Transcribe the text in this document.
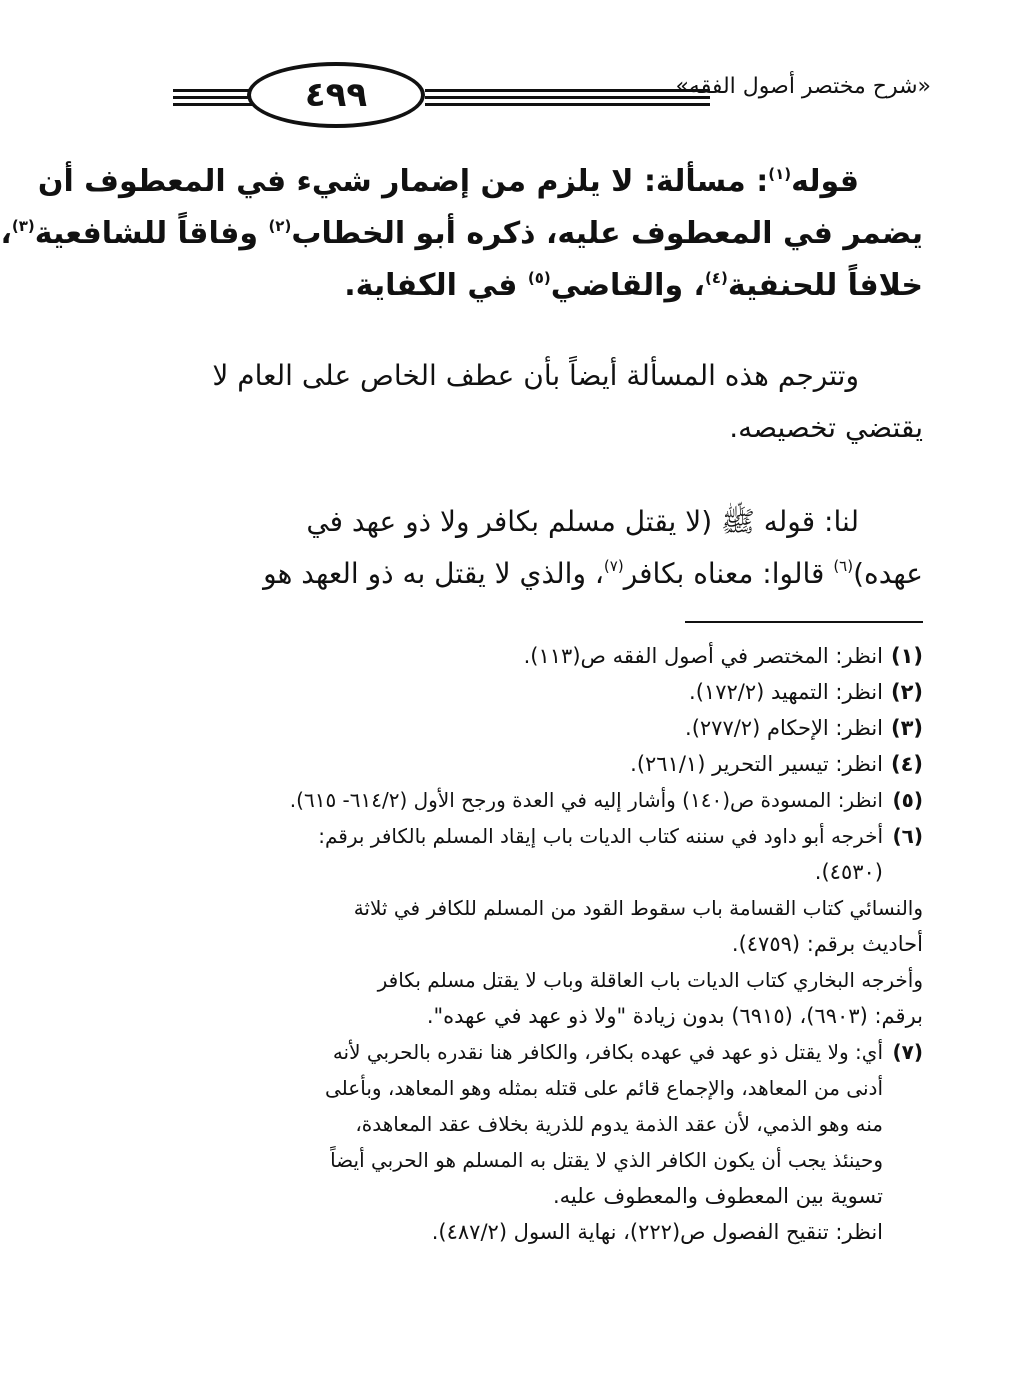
٤٩٩	«شرح مختصر أصول الفقه»
قوله$^{(١)}$: مسألة: لا يلزم من إضمار شيء في المعطوف أن
يضمر في المعطوف عليه، ذكره أبو الخطاب$^{(٢)}$ وفاقاً للشافعية$^{(٣)}$،
خلافاً للحنفية$^{(٤)}$، والقاضي$^{(٥)}$ في الكفاية.
وتترجم هذه المسألة أيضاً بأن عطف الخاص على العام لا
يقتضي تخصيصه.
لنا: قوله ﷺ (لا يقتل مسلم بكافر ولا ذو عهد في
عهده)$^{(٦)}$ قالوا: معناه بكافر$^{(٧)}$، والذي لا يقتل به ذو العهد هو
(١)انظر: المختصر في أصول الفقه ص(١١٣).
(٢)انظر: التمهيد (١٧٢/٢).
(٣)انظر: الإحكام (٢٧٧/٢).
(٤)انظر: تيسير التحرير (٢٦١/١).
(٥)انظر: المسودة ص(١٤٠) وأشار إليه في العدة ورجح الأول (٦١٤/٢- ٦١٥).
(٦)أخرجه أبو داود في سننه كتاب الديات باب إيقاد المسلم بالكافر برقم:
(٤٥٣٠).
والنسائي كتاب القسامة باب سقوط القود من المسلم للكافر في ثلاثة
أحاديث برقم: (٤٧٥٩).
وأخرجه البخاري كتاب الديات باب العاقلة وباب لا يقتل مسلم بكافر
برقم: (٦٩٠٣)، (٦٩١٥) بدون زيادة "ولا ذو عهد في عهده".
(٧)أي: ولا يقتل ذو عهد في عهده بكافر، والكافر هنا نقدره بالحربي لأنه
أدنى من المعاهد، والإجماع قائم على قتله بمثله وهو المعاهد، وبأعلى
منه وهو الذمي، لأن عقد الذمة يدوم للذرية بخلاف عقد المعاهدة،
وحينئذ يجب أن يكون الكافر الذي لا يقتل به المسلم هو الحربي أيضاً
تسوية بين المعطوف والمعطوف عليه.
انظر: تنقيح الفصول ص(٢٢٢)، نهاية السول (٤٨٧/٢).
